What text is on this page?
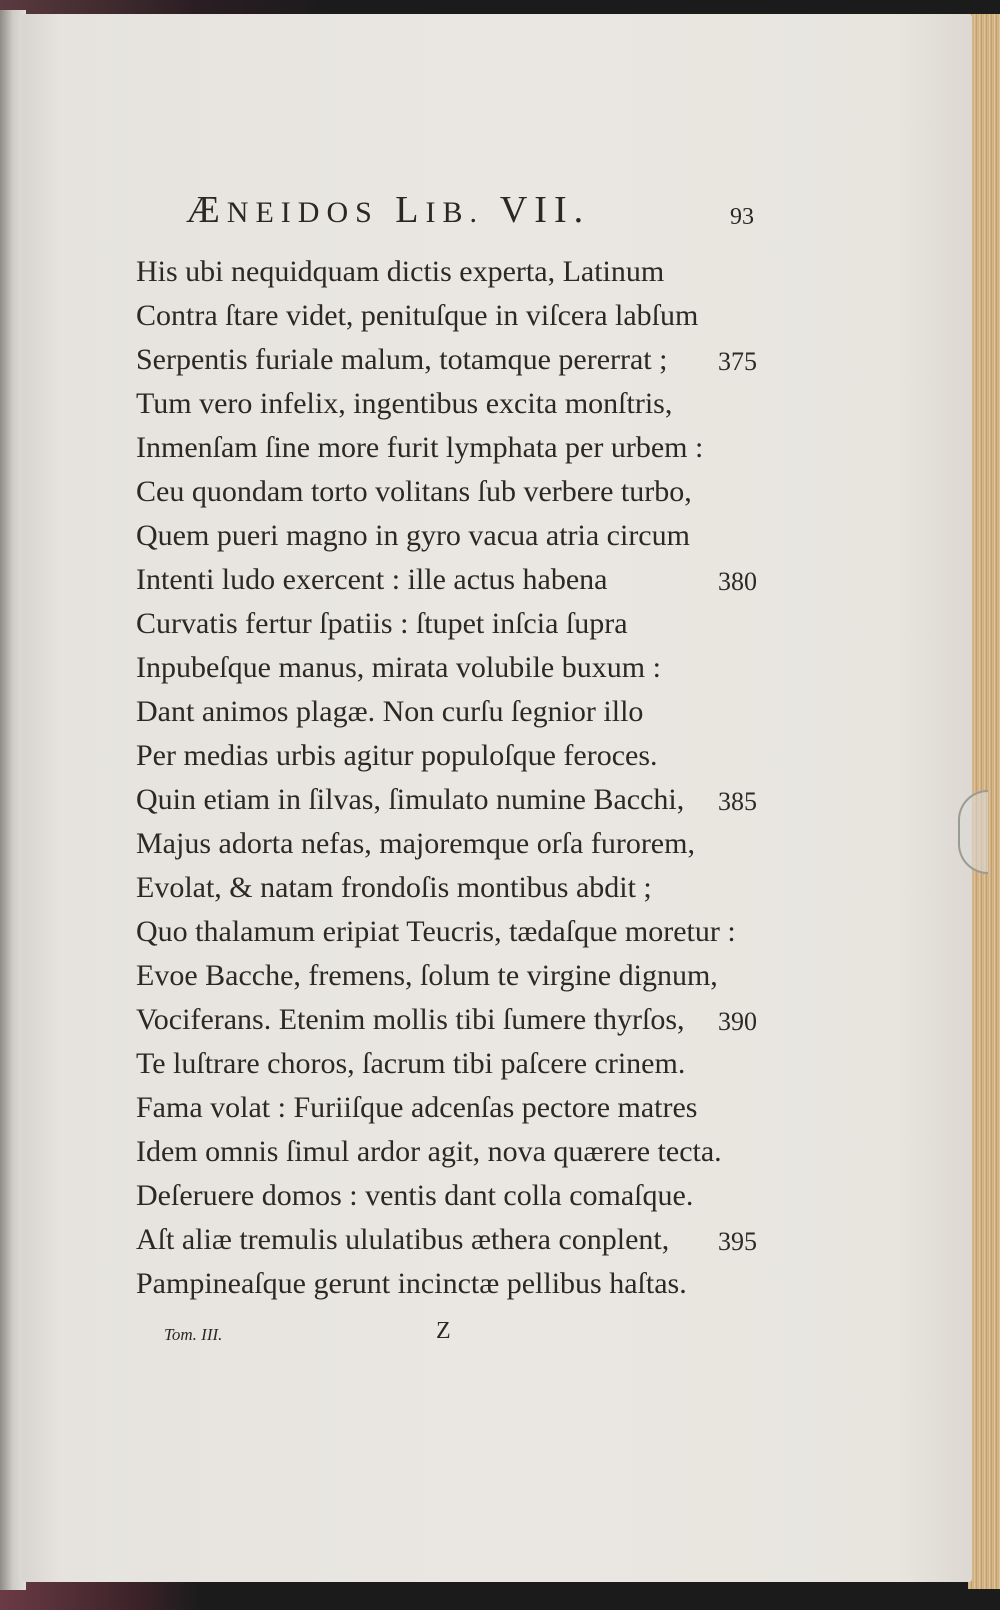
ÆNEIDOS LIB. VII.	93
His ubi nequidquam dictis experta, Latinum
Contra ſtare videt, penituſque in viſcera labſum
Serpentis furiale malum, totamque pererrat ; 375
Tum vero infelix, ingentibus excita monſtris,
Inmenſam ſine more furit lymphata per urbem :
Ceu quondam torto volitans ſub verbere turbo,
Quem pueri magno in gyro vacua atria circum
Intenti ludo exercent : ille actus habena	380
Curvatis fertur ſpatiis : ſtupet inſcia ſupra
Inpubeſque manus, mirata volubile buxum :
Dant animos plagæ. Non curſu ſegnior illo
Per medias urbis agitur populoſque feroces.
Quin etiam in ſilvas, ſimulato numine Bacchi, 385
Majus adorta nefas, majoremque orſa furorem,
Evolat, & natam frondoſis montibus abdit ;
Quo thalamum eripiat Teucris, tædaſque moretur :
Evoe Bacche, fremens, ſolum te virgine dignum,
Vociferans. Etenim mollis tibi ſumere thyrſos, 390
Te luſtrare choros, ſacrum tibi paſcere crinem.
Fama volat : Furiiſque adcenſas pectore matres
Idem omnis ſimul ardor agit, nova quærere tecta.
Deſeruere domos : ventis dant colla comaſque.
Aſt aliæ tremulis ululatibus æthera conplent, 395
Pampineaſque gerunt incinctæ pellibus haſtas.
Tom. III.	Z
